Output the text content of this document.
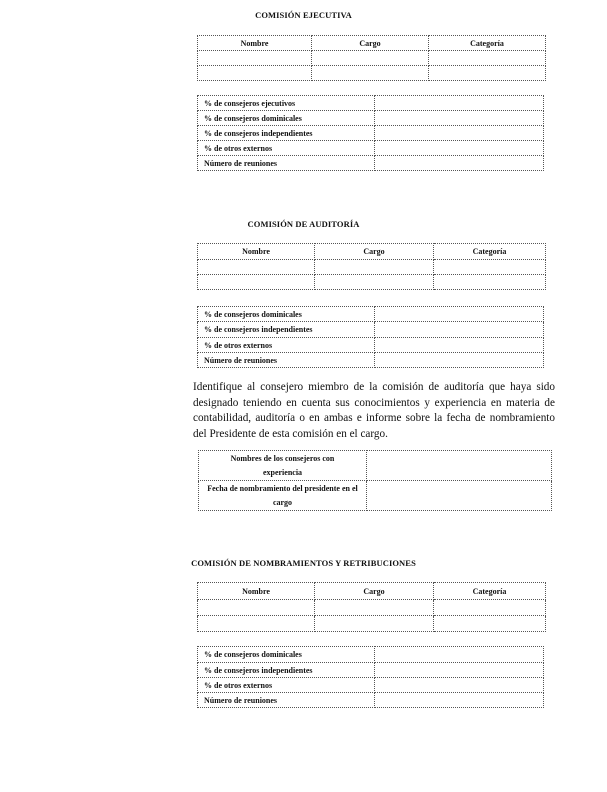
COMISIÓN EJECUTIVA
Nombre	Cargo	Categoría

% de consejeros ejecutivos	
% de consejeros dominicales	
% de consejeros independientes	
% de otros externos	
Número de reuniones	
COMISIÓN DE AUDITORÍA
Nombre	Cargo	Categoría

% de consejeros dominicales	
% de consejeros independientes	
% de otros externos	
Número de reuniones	
Identifique al consejero miembro de la comisión de auditoría que haya sido designado teniendo en cuenta sus conocimientos y experiencia en materia de contabilidad, auditoría o en ambas e informe sobre la fecha de nombramiento del Presidente de esta comisión en el cargo.
Nombres de los consejeros con experiencia	
Fecha de nombramiento del presidente en el cargo	
COMISIÓN DE NOMBRAMIENTOS Y RETRIBUCIONES
Nombre	Cargo	Categoría

% de consejeros dominicales	
% de consejeros independientes	
% de otros externos	
Número de reuniones	
